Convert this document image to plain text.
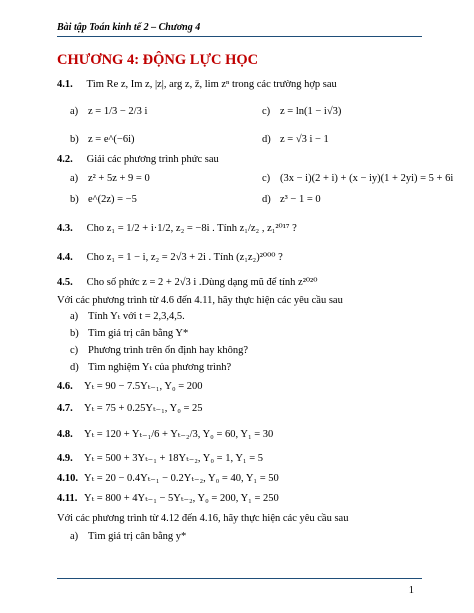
Bài tập Toán kinh tế 2 – Chương 4
CHƯƠNG 4: ĐỘNG LỰC HỌC
4.1. Tìm Re z, Im z, |z|, arg z, z̄, lim zⁿ trong các trường hợp sau
a) z = 1/3 − 2/3 i	c) z = ln(1 − i√3)
b) z = e^(−6i)	d) z = √3 i − 1
4.2. Giải các phương trình phức sau
a) z² + 5z + 9 = 0	c) (3x − i)(2 + i) + (x − iy)(1 + 2yi) = 5 + 6i
b) e^(2z) = −5	d) z³ − 1 = 0
4.3. Cho z₁ = 1/2 + i·1/2, z₂ = −8i . Tính z₁/z₂ , z₁²⁰¹⁷ ?
4.4. Cho z₁ = 1 − i, z₂ = 2√3 + 2i . Tính (z₁z₂)²⁰⁰⁰ ?
4.5. Cho số phức z = 2 + 2√3 i .Dùng dạng mũ để tính z²⁰²⁰
Với các phương trình từ 4.6 đến 4.11, hãy thực hiện các yêu cầu sau
a) Tính Yₜ với t = 2,3,4,5.
b) Tìm giá trị cân bằng Y*
c) Phương trình trên ổn định hay không?
d) Tìm nghiệm Yₜ của phương trình?
4.6. Yₜ = 90 − 7.5Yₜ₋₁, Y₀ = 200
4.7. Yₜ = 75 + 0.25Yₜ₋₁, Y₀ = 25
4.8. Yₜ = 120 + Yₜ₋₁/6 + Yₜ₋₂/3, Y₀ = 60, Y₁ = 30
4.9. Yₜ = 500 + 3Yₜ₋₁ + 18Yₜ₋₂, Y₀ = 1, Y₁ = 5
4.10. Yₜ = 20 − 0.4Yₜ₋₁ − 0.2Yₜ₋₂, Y₀ = 40, Y₁ = 50
4.11. Yₜ = 800 + 4Yₜ₋₁ − 5Yₜ₋₂, Y₀ = 200, Y₁ = 250
Với các phương trình từ 4.12 đến 4.16, hãy thực hiện các yêu cầu sau
a) Tìm giá trị cân bằng y*
1
